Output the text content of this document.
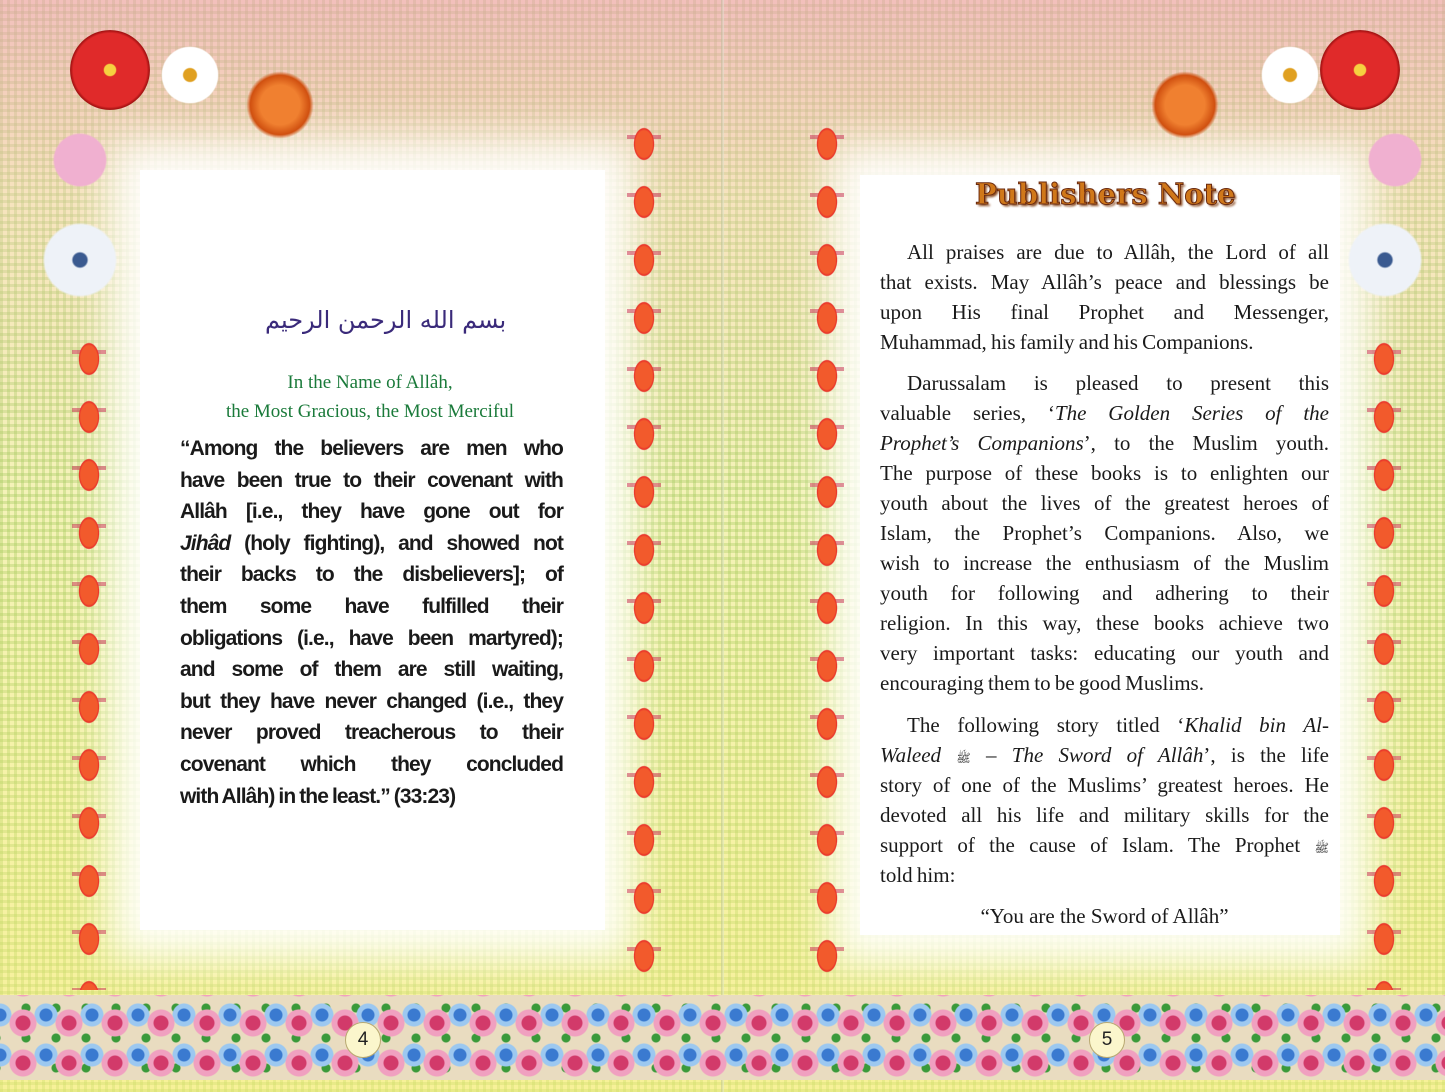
بسم الله الرحمن الرحيم
In the Name of Allâh,
the Most Gracious, the Most Merciful
“Among the believers are men who
have been true to their covenant with
Allâh [i.e., they have gone out for
Jihâd (holy fighting), and showed not
their backs to the disbelievers]; of
them some have fulfilled their
obligations (i.e., have been martyred);
and some of them are still waiting,
but they have never changed (i.e., they
never proved treacherous to their
covenant which they concluded
with Allâh) in the least.” (33:23)
4
Publishers Note
All praises are due to Allâh, the Lord of all
that exists. May Allâh’s peace and blessings be
upon His final Prophet and Messenger,
Muhammad, his family and his Companions.
Darussalam is pleased to present this
valuable series, ‘The Golden Series of the
Prophet’s Companions’, to the Muslim youth.
The purpose of these books is to enlighten our
youth about the lives of the greatest heroes of
Islam, the Prophet’s Companions. Also, we
wish to increase the enthusiasm of the Muslim
youth for following and adhering to their
religion. In this way, these books achieve two
very important tasks: educating our youth and
encouraging them to be good Muslims.
The following story titled ‘Khalid bin Al-
Waleed ﷺ – The Sword of Allâh’, is the life
story of one of the Muslims’ greatest heroes. He
devoted all his life and military skills for the
support of the cause of Islam. The Prophet ﷺ
told him:
“You are the Sword of Allâh”
5
